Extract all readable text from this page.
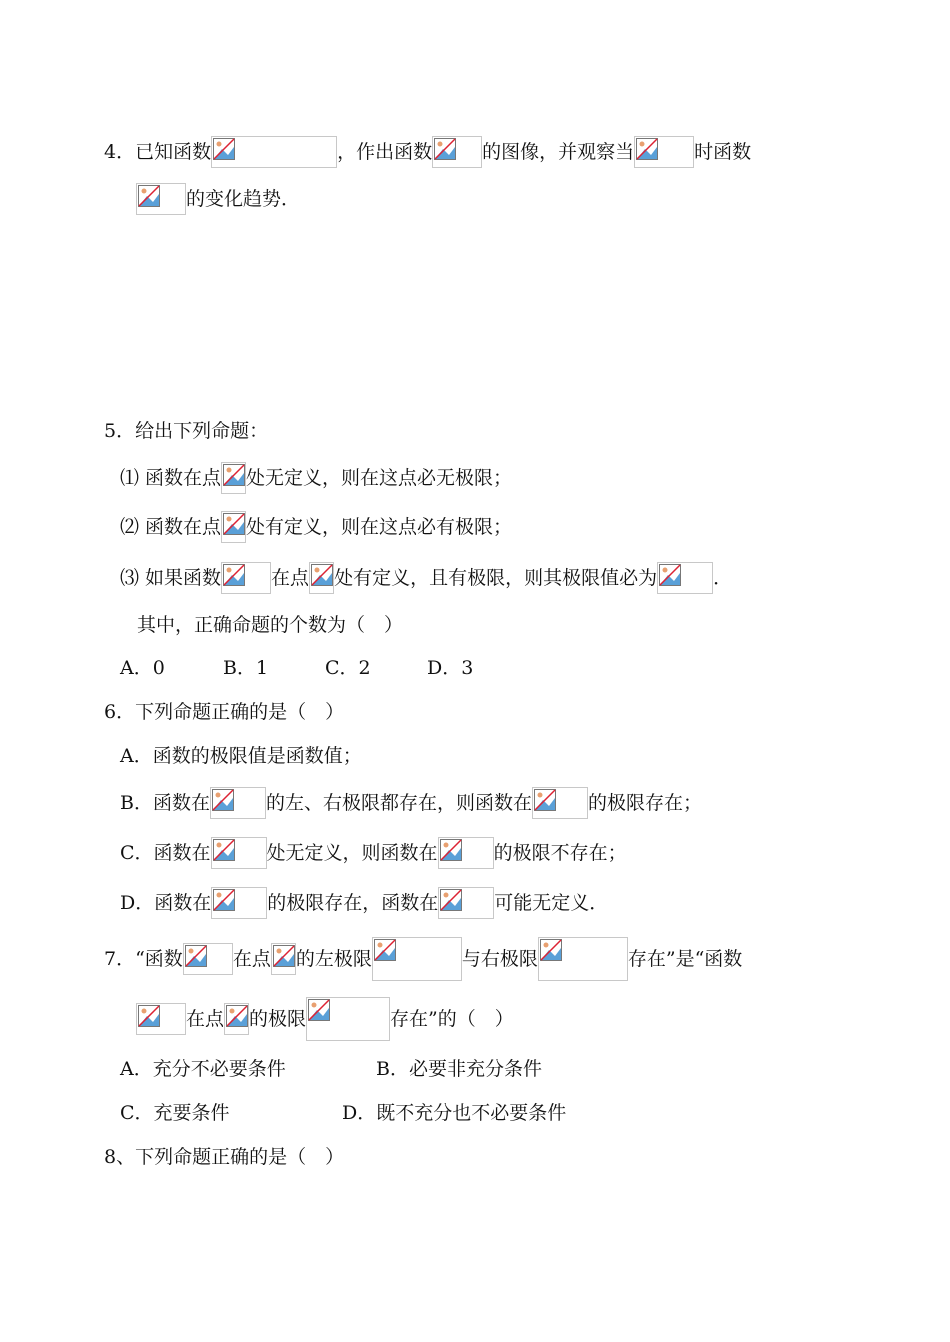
4．已知函数	，作出函数	的图像，并观察当	时函数
的变化趋势．
5．给出下列命题：
⑴ 函数在点 处无定义，则在这点必无极限；
⑵ 函数在点 处有定义，则在这点必有极限；
⑶ 如果函数	在点 处有定义，且有极限，则其极限值必为	．
其中，正确命题的个数为（　）
A．0	B．1	C．2	D．3
6．下列命题正确的是（　）
A．函数的极限值是函数值；
B．函数在	的左、右极限都存在，则函数在	的极限存在；
C．函数在	处无定义，则函数在	的极限不存在；
D．函数在	的极限存在，函数在	可能无定义．
7．“函数	在点 的左极限	与右极限	存在”是“函数
在点 的极限	存在”的（　）
A．充分不必要条件	B．必要非充分条件
C．充要条件	D．既不充分也不必要条件
8、下列命题正确的是（　）
